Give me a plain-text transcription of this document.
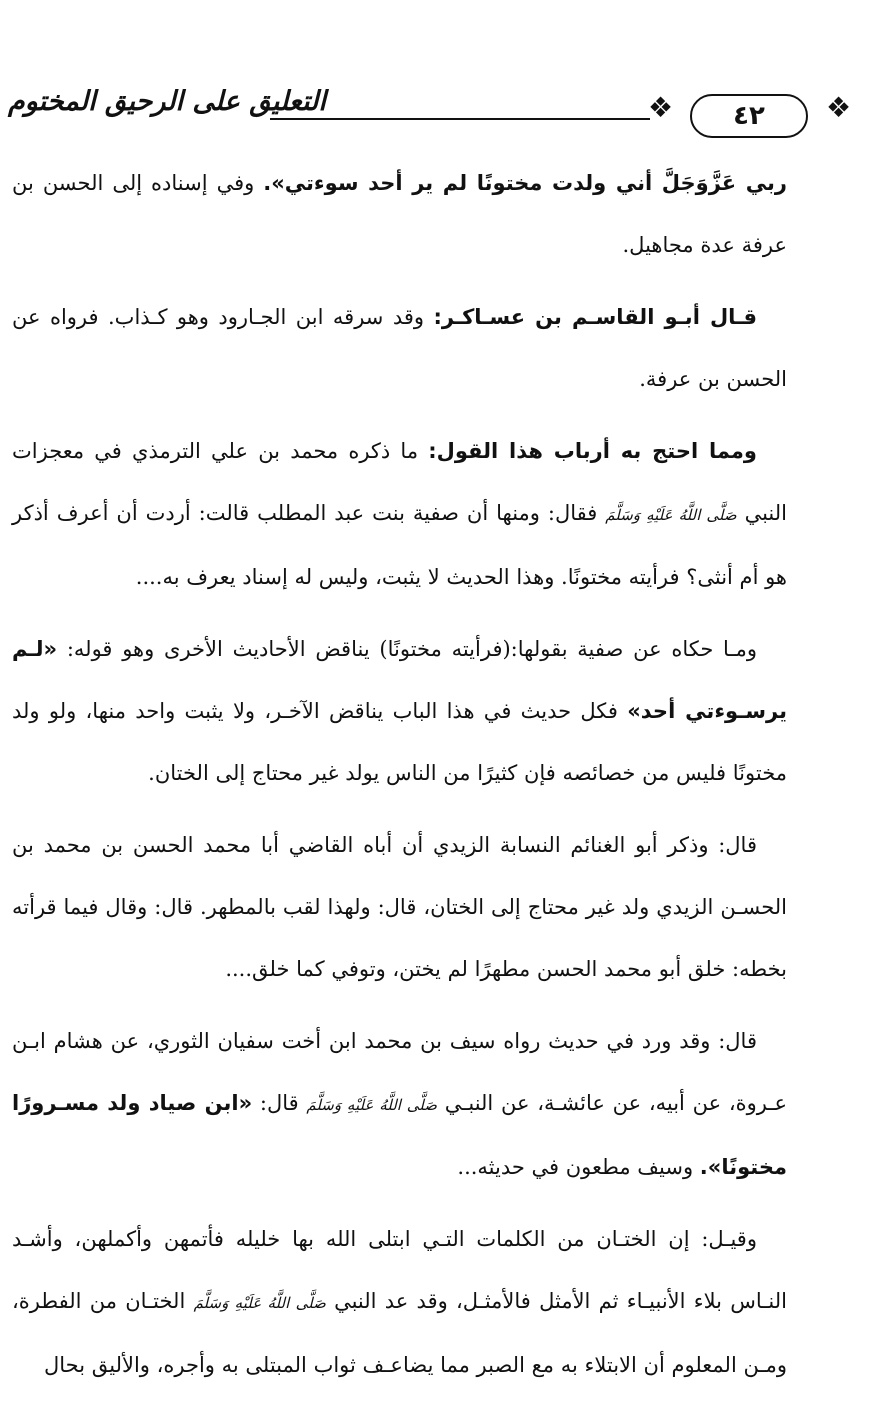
التعليق على الرحيق المختوم	❖	٤٢	❖

ربي عَزَّوَجَلَّ أني ولدت مختونًا لم ير أحد سوءتي». وفي إسناده إلى الحسن بن عرفة عدة مجاهيل.

قـال أبـو القاسـم بن عسـاكـر: وقد سرقه ابن الجـارود وهو كـذاب. فرواه عن الحسن بن عرفة.

ومما احتج به أرباب هذا القول: ما ذكره محمد بن علي الترمذي في معجزات النبي صَلَّى اللَّهُ عَلَيْهِ وَسَلَّمَ فقال: ومنها أن صفية بنت عبد المطلب قالت: أردت أن أعرف أذكر هو أم أنثى؟ فرأيته مختونًا. وهذا الحديث لا يثبت، وليس له إسناد يعرف به....

ومـا حكاه عن صفية بقولها:(فرأيته مختونًا) يناقض الأحاديث الأخرى وهو قوله: «لـم يرسـوءتي أحد» فكل حديث في هذا الباب يناقض الآخـر، ولا يثبت واحد منها، ولو ولد مختونًا فليس من خصائصه فإن كثيرًا من الناس يولد غير محتاج إلى الختان.

قال: وذكر أبو الغنائم النسابة الزيدي أن أباه القاضي أبا محمد الحسن بن محمد بن الحسـن الزيدي ولد غير محتاج إلى الختان، قال: ولهذا لقب بالمطهر. قال: وقال فيما قرأته بخطه: خلق أبو محمد الحسن مطهرًا لم يختن، وتوفي كما خلق....

قال: وقد ورد في حديث رواه سيف بن محمد ابن أخت سفيان الثوري، عن هشام ابـن عـروة، عن أبيه، عن عائشـة، عن النبـي صَلَّى اللَّهُ عَلَيْهِ وَسَلَّمَ قال: «ابن صياد ولد مسـرورًا مختونًا». وسيف مطعون في حديثه...

وقيـل: إن الختـان من الكلمات التـي ابتلى الله بها خليله فأتمهن وأكملهن، وأشـد النـاس بلاء الأنبيـاء ثم الأمثل فالأمثـل، وقد عد النبي صَلَّى اللَّهُ عَلَيْهِ وَسَلَّمَ الختـان من الفطرة، ومـن المعلوم أن الابتلاء به مع الصبر مما يضاعـف ثواب المبتلى به وأجره، والأليق بحال
